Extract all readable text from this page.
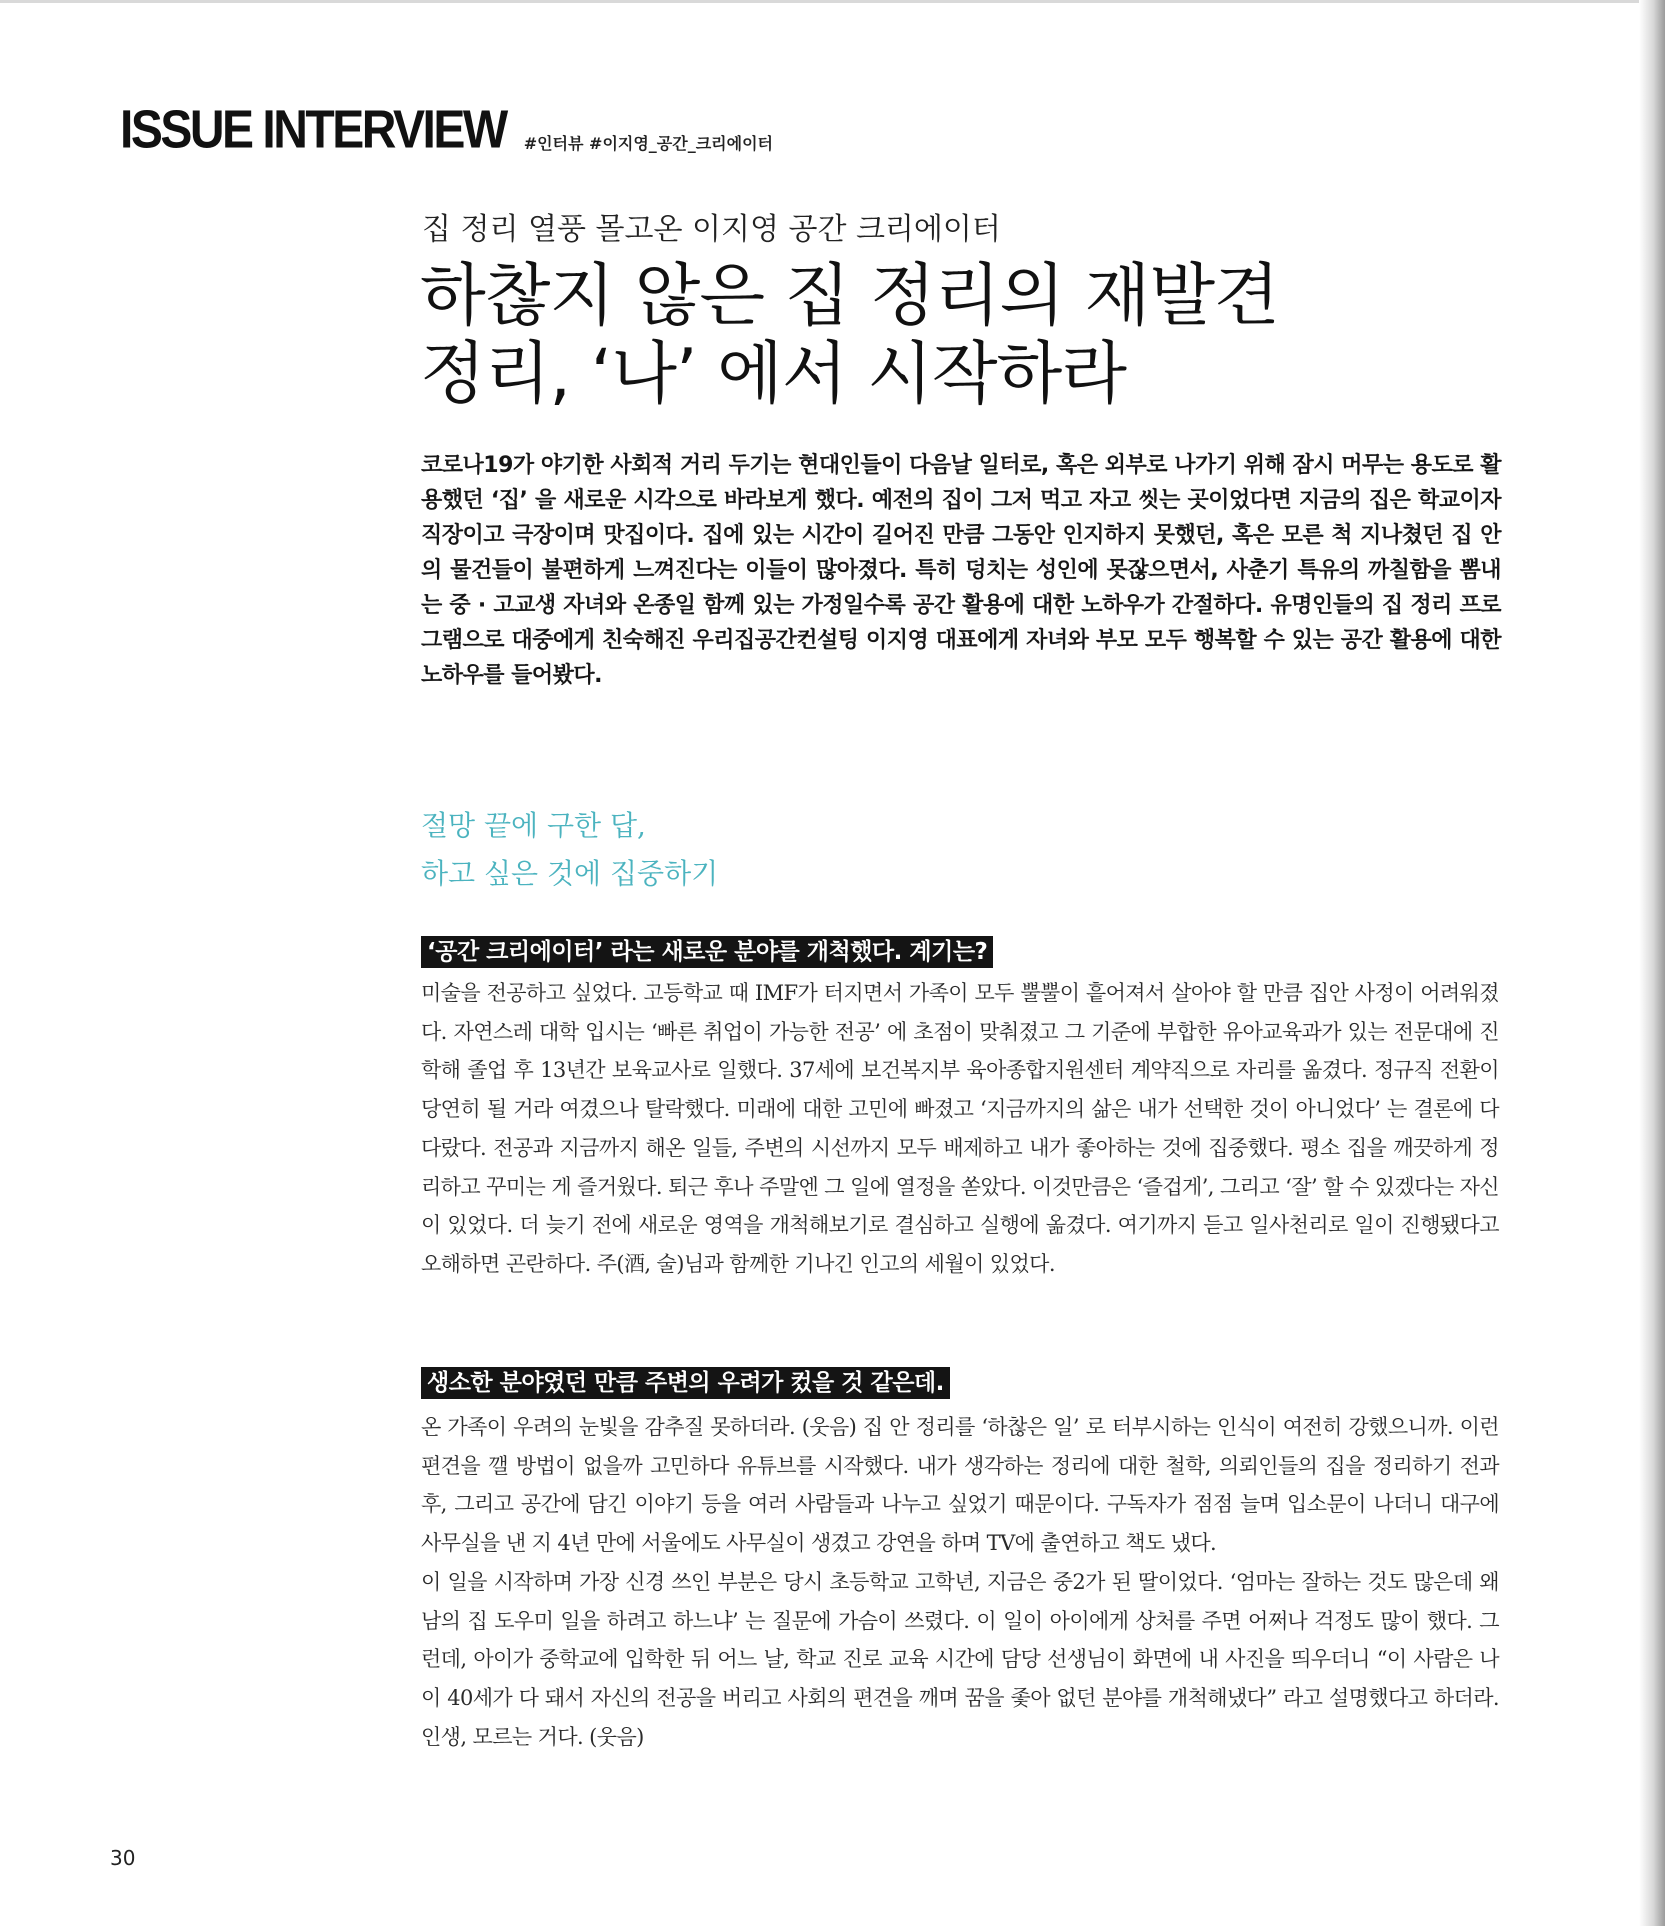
ISSUE INTERVIEW #인터뷰 #이지영_공간_크리에이터
집 정리 열풍 몰고온 이지영 공간 크리에이터
하찮지 않은 집 정리의 재발견
정리, ‘나’ 에서 시작하라
코로나19가 야기한 사회적 거리 두기는 현대인들이 다음날 일터로, 혹은 외부로 나가기 위해 잠시 머무는 용도로 활용했던 ‘집’ 을 새로운 시각으로 바라보게 했다. 예전의 집이 그저 먹고 자고 씻는 곳이었다면 지금의 집은 학교이자 직장이고 극장이며 맛집이다. 집에 있는 시간이 길어진 만큼 그동안 인지하지 못했던, 혹은 모른 척 지나쳤던 집 안의 물건들이 불편하게 느껴진다는 이들이 많아졌다. 특히 덩치는 성인에 못잖으면서, 사춘기 특유의 까칠함을 뽐내는 중 · 고교생 자녀와 온종일 함께 있는 가정일수록 공간 활용에 대한 노하우가 간절하다. 유명인들의 집 정리 프로그램으로 대중에게 친숙해진 우리집공간컨설팅 이지영 대표에게 자녀와 부모 모두 행복할 수 있는 공간 활용에 대한 노하우를 들어봤다.
절망 끝에 구한 답,
하고 싶은 것에 집중하기
‘공간 크리에이터’ 라는 새로운 분야를 개척했다. 계기는?

미술을 전공하고 싶었다. 고등학교 때 IMF가 터지면서 가족이 모두 뿔뿔이 흩어져서 살아야 할 만큼 집안 사정이 어려워졌다. 자연스레 대학 입시는 ‘빠른 취업이 가능한 전공’ 에 초점이 맞춰졌고 그 기준에 부합한 유아교육과가 있는 전문대에 진학해 졸업 후 13년간 보육교사로 일했다. 37세에 보건복지부 육아종합지원센터 계약직으로 자리를 옮겼다. 정규직 전환이 당연히 될 거라 여겼으나 탈락했다. 미래에 대한 고민에 빠졌고 ‘지금까지의 삶은 내가 선택한 것이 아니었다’ 는 결론에 다다랐다. 전공과 지금까지 해온 일들, 주변의 시선까지 모두 배제하고 내가 좋아하는 것에 집중했다. 평소 집을 깨끗하게 정리하고 꾸미는 게 즐거웠다. 퇴근 후나 주말엔 그 일에 열정을 쏟았다. 이것만큼은 ‘즐겁게’, 그리고 ‘잘’ 할 수 있겠다는 자신이 있었다. 더 늦기 전에 새로운 영역을 개척해보기로 결심하고 실행에 옮겼다. 여기까지 듣고 일사천리로 일이 진행됐다고 오해하면 곤란하다. 주(酒, 술)님과 함께한 기나긴 인고의 세월이 있었다.

생소한 분야였던 만큼 주변의 우려가 컸을 것 같은데.

온 가족이 우려의 눈빛을 감추질 못하더라. (웃음) 집 안 정리를 ‘하찮은 일’ 로 터부시하는 인식이 여전히 강했으니까. 이런 편견을 깰 방법이 없을까 고민하다 유튜브를 시작했다. 내가 생각하는 정리에 대한 철학, 의뢰인들의 집을 정리하기 전과 후, 그리고 공간에 담긴 이야기 등을 여러 사람들과 나누고 싶었기 때문이다. 구독자가 점점 늘며 입소문이 나더니 대구에 사무실을 낸 지 4년 만에 서울에도 사무실이 생겼고 강연을 하며 TV에 출연하고 책도 냈다.

이 일을 시작하며 가장 신경 쓰인 부분은 당시 초등학교 고학년, 지금은 중2가 된 딸이었다. ‘엄마는 잘하는 것도 많은데 왜 남의 집 도우미 일을 하려고 하느냐’ 는 질문에 가슴이 쓰렸다. 이 일이 아이에게 상처를 주면 어쩌나 걱정도 많이 했다. 그런데, 아이가 중학교에 입학한 뒤 어느 날, 학교 진로 교육 시간에 담당 선생님이 화면에 내 사진을 띄우더니 “이 사람은 나이 40세가 다 돼서 자신의 전공을 버리고 사회의 편견을 깨며 꿈을 좇아 없던 분야를 개척해냈다” 라고 설명했다고 하더라. 인생, 모르는 거다. (웃음)

30
